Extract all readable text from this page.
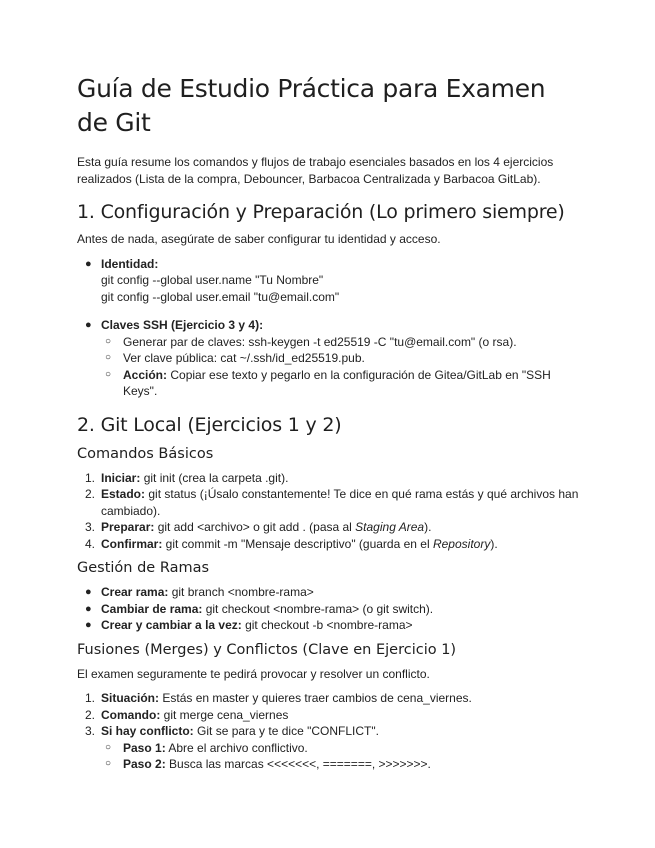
Guía de Estudio Práctica para Examen de Git

Esta guía resume los comandos y flujos de trabajo esenciales basados en los 4 ejercicios realizados (Lista de la compra, Debouncer, Barbacoa Centralizada y Barbacoa GitLab).

1. Configuración y Preparación (Lo primero siempre)

Antes de nada, asegúrate de saber configurar tu identidad y acceso.

● Identidad:
git config --global user.name "Tu Nombre"
git config --global user.email "tu@email.com"
● Claves SSH (Ejercicio 3 y 4):
○ Generar par de claves: ssh-keygen -t ed25519 -C "tu@email.com" (o rsa).
○ Ver clave pública: cat ~/.ssh/id_ed25519.pub.
○ Acción: Copiar ese texto y pegarlo en la configuración de Gitea/GitLab en "SSH Keys".
2. Git Local (Ejercicios 1 y 2)
Comandos Básicos
1. Iniciar: git init (crea la carpeta .git).
2. Estado: git status (¡Úsalo constantemente! Te dice en qué rama estás y qué archivos han cambiado).
3. Preparar: git add <archivo> o git add . (pasa al Staging Area).
4. Confirmar: git commit -m "Mensaje descriptivo" (guarda en el Repository).
Gestión de Ramas
● Crear rama: git branch <nombre-rama>
● Cambiar de rama: git checkout <nombre-rama> (o git switch).
● Crear y cambiar a la vez: git checkout -b <nombre-rama>
Fusiones (Merges) y Conflictos (Clave en Ejercicio 1)

El examen seguramente te pedirá provocar y resolver un conflicto.

1. Situación: Estás en master y quieres traer cambios de cena_viernes.
2. Comando: git merge cena_viernes
3. Si hay conflicto: Git se para y te dice "CONFLICT".
○ Paso 1: Abre el archivo conflictivo.
○ Paso 2: Busca las marcas <<<<<<<, =======, >>>>>>>.
